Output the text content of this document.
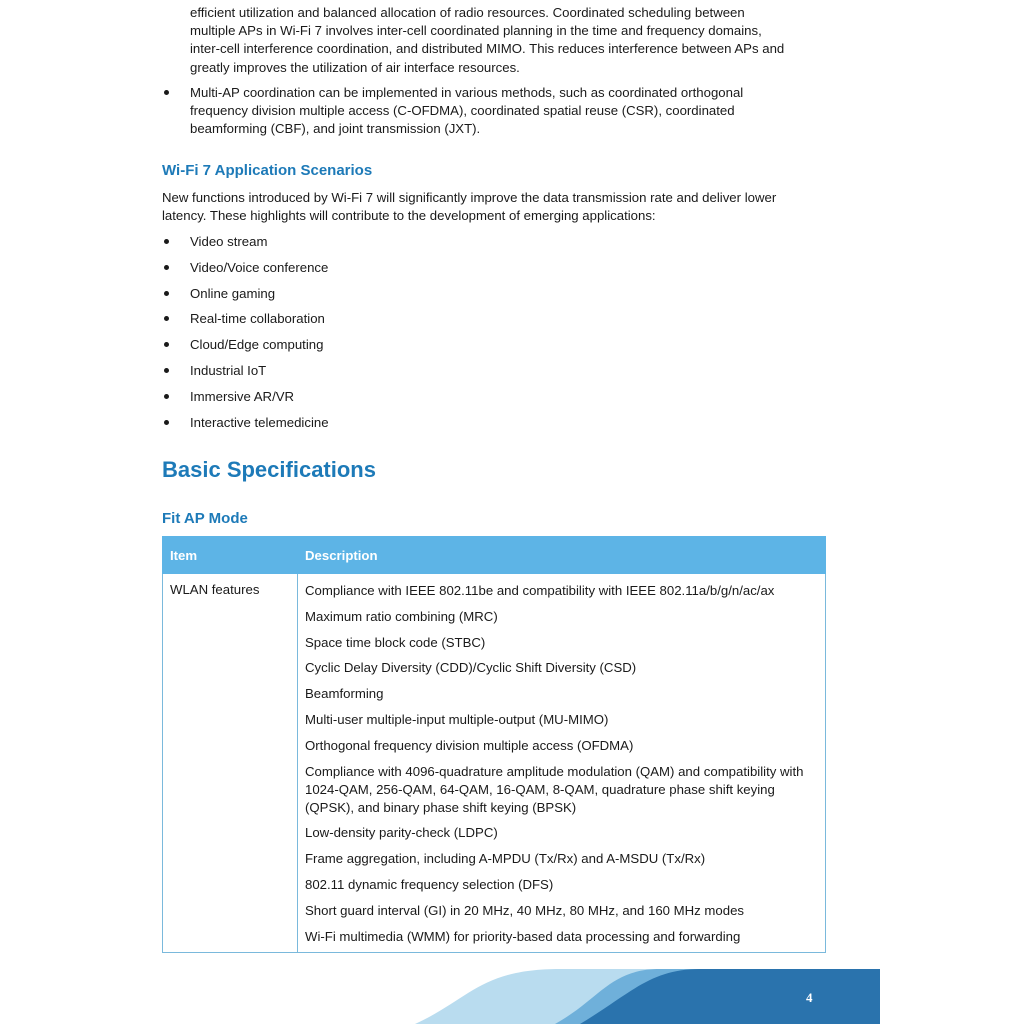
efficient utilization and balanced allocation of radio resources. Coordinated scheduling between

multiple APs in Wi-Fi 7 involves inter-cell coordinated planning in the time and frequency domains,

inter-cell interference coordination, and distributed MIMO. This reduces interference between APs and

greatly improves the utilization of air interface resources.

Multi-AP coordination can be implemented in various methods, such as coordinated orthogonal frequency division multiple access (C-OFDMA), coordinated spatial reuse (CSR), coordinated beamforming (CBF), and joint transmission (JXT).

Wi-Fi 7 Application Scenarios

New functions introduced by Wi-Fi 7 will significantly improve the data transmission rate and deliver lower latency. These highlights will contribute to the development of emerging applications:

Video stream
Video/Voice conference
Online gaming
Real-time collaboration
Cloud/Edge computing
Industrial IoT
Immersive AR/VR
Interactive telemedicine
Basic Specifications
Fit AP Mode
Item	Description
WLAN features	Compliance with IEEE 802.11be and compatibility with IEEE 802.11a/b/g/n/ac/ax
Maximum ratio combining (MRC)
Space time block code (STBC)
Cyclic Delay Diversity (CDD)/Cyclic Shift Diversity (CSD)
Beamforming
Multi-user multiple-input multiple-output (MU-MIMO)
Orthogonal frequency division multiple access (OFDMA)
Compliance with 4096-quadrature amplitude modulation (QAM) and compatibility with 1024-QAM, 256-QAM, 64-QAM, 16-QAM, 8-QAM, quadrature phase shift keying (QPSK), and binary phase shift keying (BPSK)
Low-density parity-check (LDPC)
Frame aggregation, including A-MPDU (Tx/Rx) and A-MSDU (Tx/Rx)
802.11 dynamic frequency selection (DFS)
Short guard interval (GI) in 20 MHz, 40 MHz, 80 MHz, and 160 MHz modes
Wi-Fi multimedia (WMM) for priority-based data processing and forwarding
4
